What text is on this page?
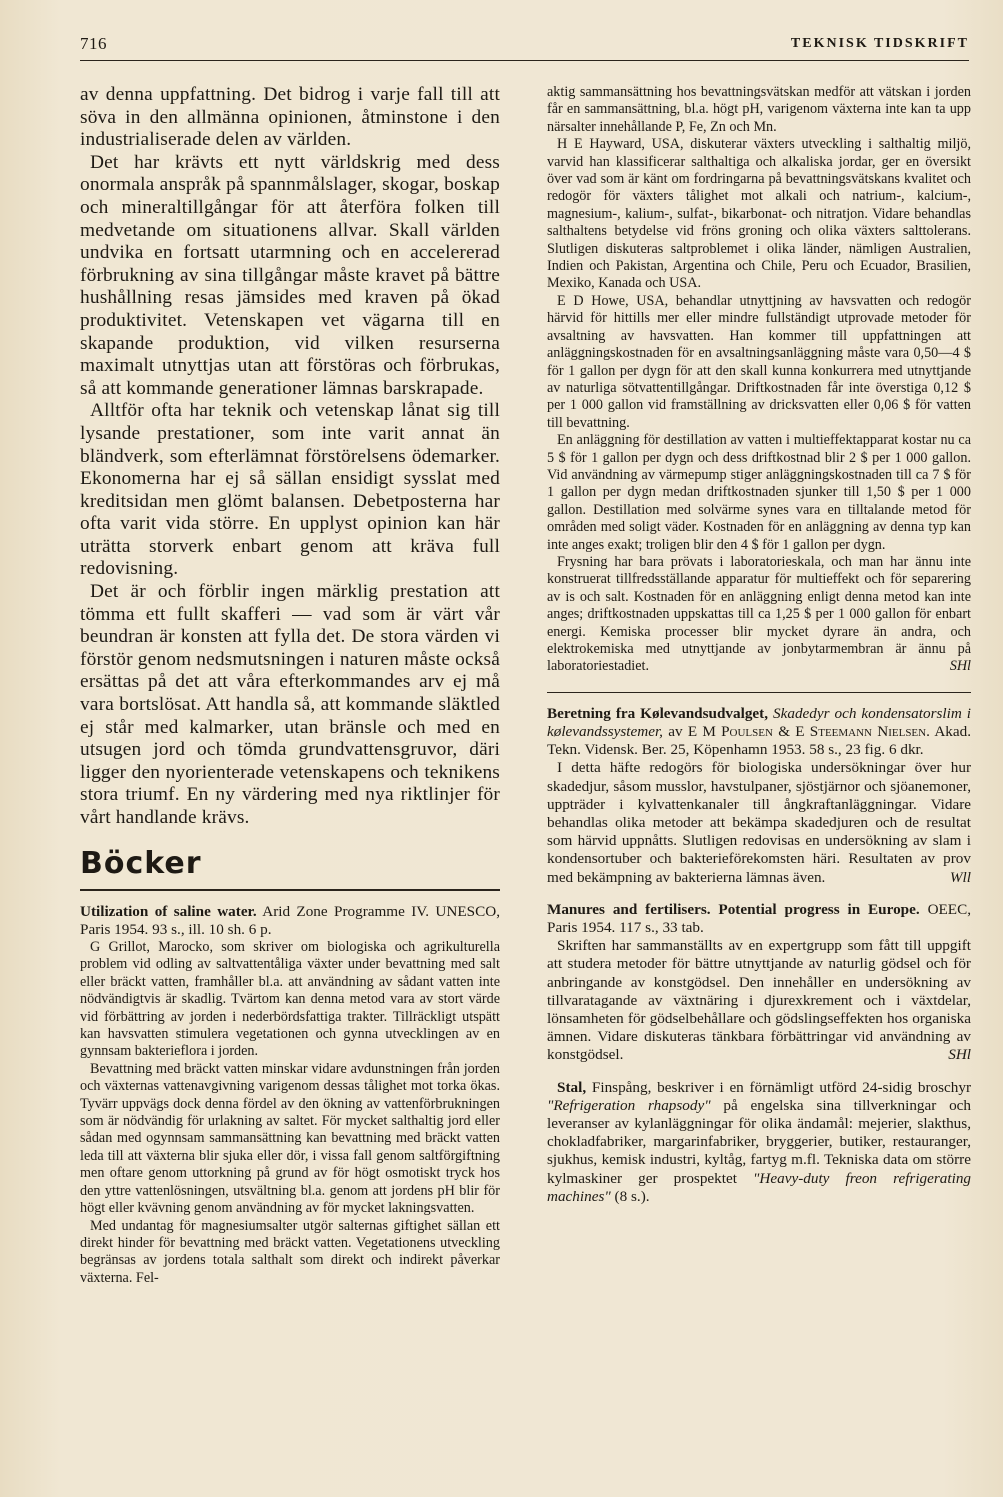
716	TEKNISK TIDSKRIFT

av denna uppfattning. Det bidrog i varje fall till att söva in den allmänna opinionen, åtminstone i den industrialiserade delen av världen.

Det har krävts ett nytt världskrig med dess onormala anspråk på spannmålslager, skogar, boskap och mineraltillgångar för att återföra folken till medvetande om situationens allvar. Skall världen undvika en fortsatt utarmning och en accelererad förbrukning av sina tillgångar måste kravet på bättre hushållning resas jämsides med kraven på ökad produktivitet. Vetenskapen vet vägarna till en skapande produktion, vid vilken resurserna maximalt utnyttjas utan att förstöras och förbrukas, så att kommande generationer lämnas barskrapade.

Alltför ofta har teknik och vetenskap lånat sig till lysande prestationer, som inte varit annat än bländverk, som efterlämnat förstörelsens ödemarker. Ekonomerna har ej så sällan ensidigt sysslat med kreditsidan men glömt balansen. Debetposterna har ofta varit vida större. En upplyst opinion kan här uträtta storverk enbart genom att kräva full redovisning.

Det är och förblir ingen märklig prestation att tömma ett fullt skafferi — vad som är värt vår beundran är konsten att fylla det. De stora värden vi förstör genom nedsmutsningen i naturen måste också ersättas på det att våra efterkommandes arv ej må vara bortslösat. Att handla så, att kommande släktled ej står med kalmarker, utan bränsle och med en utsugen jord och tömda grundvattensgruvor, däri ligger den nyorienterade vetenskapens och teknikens stora triumf. En ny värdering med nya riktlinjer för vårt handlande krävs.

Böcker

Utilization of saline water. Arid Zone Programme IV. UNESCO, Paris 1954. 93 s., ill. 10 sh. 6 p.

G Grillot, Marocko, som skriver om biologiska och agrikulturella problem vid odling av saltvattentåliga växter under bevattning med salt eller bräckt vatten, framhåller bl.a. att användning av sådant vatten inte nödvändigtvis är skadlig. Tvärtom kan denna metod vara av stort värde vid förbättring av jorden i nederbördsfattiga trakter. Tillräckligt utspätt kan havsvatten stimulera vegetationen och gynna utvecklingen av en gynnsam bakterieflora i jorden.

Bevattning med bräckt vatten minskar vidare avdunstningen från jorden och växternas vattenavgivning varigenom dessas tålighet mot torka ökas. Tyvärr uppvägs dock denna fördel av den ökning av vattenförbrukningen som är nödvändig för urlakning av saltet. För mycket salthaltig jord eller sådan med ogynnsam sammansättning kan bevattning med bräckt vatten leda till att växterna blir sjuka eller dör, i vissa fall genom saltförgiftning men oftare genom uttorkning på grund av för högt osmotiskt tryck hos den yttre vattenlösningen, utsvältning bl.a. genom att jordens pH blir för högt eller kvävning genom användning av för mycket lakningsvatten.

Med undantag för magnesiumsalter utgör salternas giftighet sällan ett direkt hinder för bevattning med bräckt vatten. Vegetationens utveckling begränsas av jordens totala salthalt som direkt och indirekt påverkar växterna. Fel-

aktig sammansättning hos bevattningsvätskan medför att vätskan i jorden får en sammansättning, bl.a. högt pH, varigenom växterna inte kan ta upp närsalter innehållande P, Fe, Zn och Mn.

H E Hayward, USA, diskuterar växters utveckling i salthaltig miljö, varvid han klassificerar salthaltiga och alkaliska jordar, ger en översikt över vad som är känt om fordringarna på bevattningsvätskans kvalitet och redogör för växters tålighet mot alkali och natrium-, kalcium-, magnesium-, kalium-, sulfat-, bikarbonat- och nitratjon. Vidare behandlas salthaltens betydelse vid fröns groning och olika växters salttolerans. Slutligen diskuteras saltproblemet i olika länder, nämligen Australien, Indien och Pakistan, Argentina och Chile, Peru och Ecuador, Brasilien, Mexiko, Kanada och USA.

E D Howe, USA, behandlar utnyttjning av havsvatten och redogör härvid för hittills mer eller mindre fullständigt utprovade metoder för avsaltning av havsvatten. Han kommer till uppfattningen att anläggningskostnaden för en avsaltningsanläggning måste vara 0,50—4 $ för 1 gallon per dygn för att den skall kunna konkurrera med utnyttjande av naturliga sötvattentillgångar. Driftkostnaden får inte överstiga 0,12 $ per 1 000 gallon vid framställning av dricksvatten eller 0,06 $ för vatten till bevattning.

En anläggning för destillation av vatten i multieffektapparat kostar nu ca 5 $ för 1 gallon per dygn och dess driftkostnad blir 2 $ per 1 000 gallon. Vid användning av värmepump stiger anläggningskostnaden till ca 7 $ för 1 gallon per dygn medan driftkostnaden sjunker till 1,50 $ per 1 000 gallon. Destillation med solvärme synes vara en tilltalande metod för områden med soligt väder. Kostnaden för en anläggning av denna typ kan inte anges exakt; troligen blir den 4 $ för 1 gallon per dygn.

Frysning har bara prövats i laboratorieskala, och man har ännu inte konstruerat tillfredsställande apparatur för multieffekt och för separering av is och salt. Kostnaden för en anläggning enligt denna metod kan inte anges; driftkostnaden uppskattas till ca 1,25 $ per 1 000 gallon för enbart energi. Kemiska processer blir mycket dyrare än andra, och elektrokemiska med utnyttjande av jonbytarmembran är ännu på laboratoriestadiet.	SHl

Beretning fra Kølevandsudvalget, Skadedyr och kondensatorslim i kølevandssystemer, av E M Poulsen & E Steemann Nielsen. Akad. Tekn. Vidensk. Ber. 25, Köpenhamn 1953. 58 s., 23 fig. 6 dkr.

I detta häfte redogörs för biologiska undersökningar över hur skadedjur, såsom musslor, havstulpaner, sjöstjärnor och sjöanemoner, uppträder i kylvattenkanaler till ångkraftanläggningar. Vidare behandlas olika metoder att bekämpa skadedjuren och de resultat som härvid uppnåtts. Slutligen redovisas en undersökning av slam i kondensortuber och bakterieförekomsten häri. Resultaten av prov med bekämpning av bakterierna lämnas även.	Wll

Manures and fertilisers. Potential progress in Europe. OEEC, Paris 1954. 117 s., 33 tab.

Skriften har sammanställts av en expertgrupp som fått till uppgift att studera metoder för bättre utnyttjande av naturlig gödsel och för anbringande av konstgödsel. Den innehåller en undersökning av tillvaratagande av växtnäring i djurexkrement och i växtdelar, lönsamheten för gödselbehållare och gödslingseffekten hos organiska ämnen. Vidare diskuteras tänkbara förbättringar vid användning av konstgödsel.	SHl

Stal, Finspång, beskriver i en förnämligt utförd 24-sidig broschyr "Refrigeration rhapsody" på engelska sina tillverkningar och leveranser av kylanläggningar för olika ändamål: mejerier, slakthus, chokladfabriker, margarinfabriker, bryggerier, butiker, restauranger, sjukhus, kemisk industri, kyltåg, fartyg m.fl. Tekniska data om större kylmaskiner ger prospektet "Heavy-duty freon refrigerating machines" (8 s.).
